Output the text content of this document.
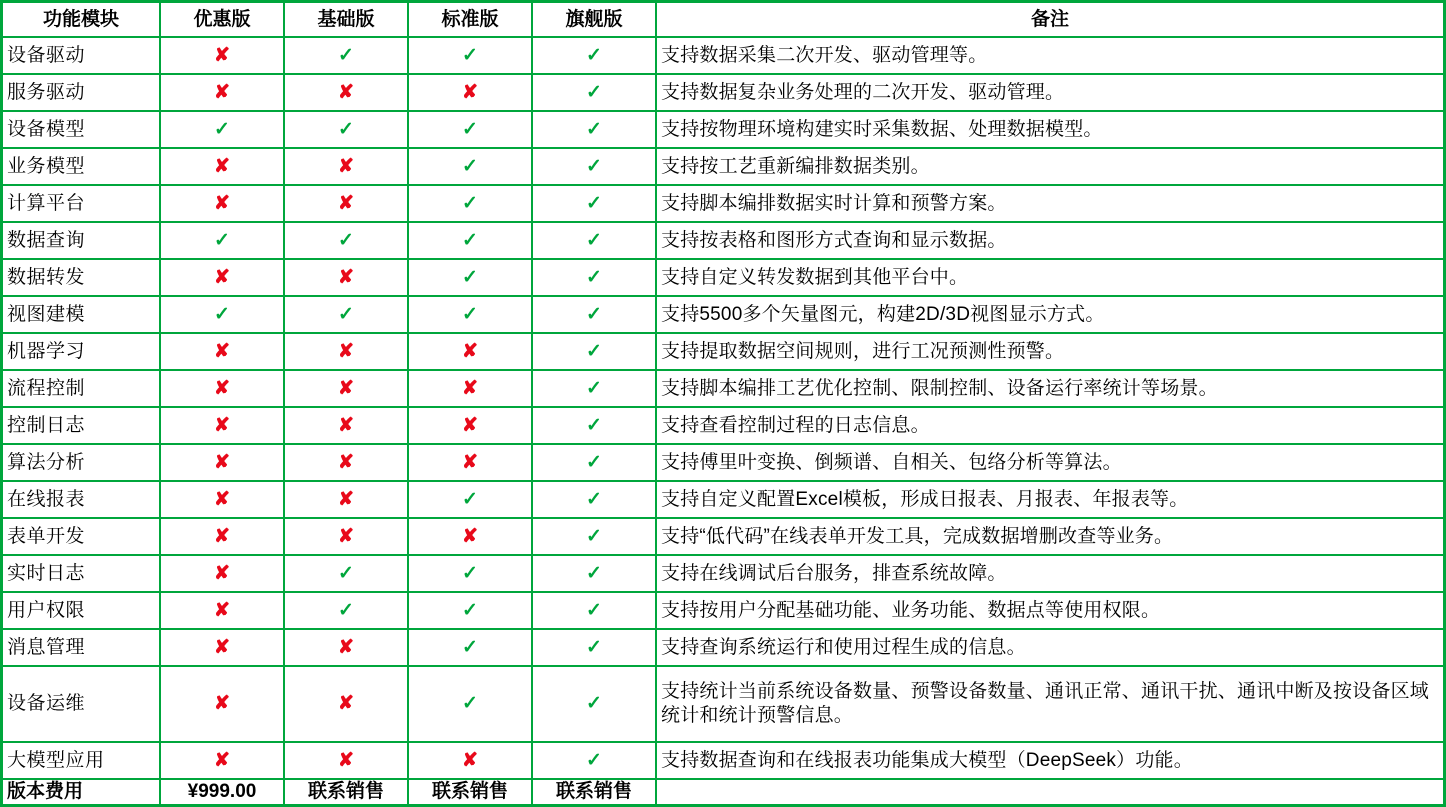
功能模块	优惠版	基础版	标准版	旗舰版	备注
设备驱动	✘	✓	✓	✓	支持数据采集二次开发、驱动管理等。
服务驱动	✘	✘	✘	✓	支持数据复杂业务处理的二次开发、驱动管理。
设备模型	✓	✓	✓	✓	支持按物理环境构建实时采集数据、处理数据模型。
业务模型	✘	✘	✓	✓	支持按工艺重新编排数据类别。
计算平台	✘	✘	✓	✓	支持脚本编排数据实时计算和预警方案。
数据查询	✓	✓	✓	✓	支持按表格和图形方式查询和显示数据。
数据转发	✘	✘	✓	✓	支持自定义转发数据到其他平台中。
视图建模	✓	✓	✓	✓	支持5500多个矢量图元，构建2D/3D视图显示方式。
机器学习	✘	✘	✘	✓	支持提取数据空间规则，进行工况预测性预警。
流程控制	✘	✘	✘	✓	支持脚本编排工艺优化控制、限制控制、设备运行率统计等场景。
控制日志	✘	✘	✘	✓	支持查看控制过程的日志信息。
算法分析	✘	✘	✘	✓	支持傅里叶变换、倒频谱、自相关、包络分析等算法。
在线报表	✘	✘	✓	✓	支持自定义配置Excel模板，形成日报表、月报表、年报表等。
表单开发	✘	✘	✘	✓	支持“低代码”在线表单开发工具，完成数据增删改查等业务。
实时日志	✘	✓	✓	✓	支持在线调试后台服务，排查系统故障。
用户权限	✘	✓	✓	✓	支持按用户分配基础功能、业务功能、数据点等使用权限。
消息管理	✘	✘	✓	✓	支持查询系统运行和使用过程生成的信息。
设备运维	✘	✘	✓	✓	支持统计当前系统设备数量、预警设备数量、通讯正常、通讯干扰、通讯中断及按设备区域统计和统计预警信息。
大模型应用	✘	✘	✘	✓	支持数据查询和在线报表功能集成大模型（DeepSeek）功能。
版本费用	¥999.00	联系销售	联系销售	联系销售	
